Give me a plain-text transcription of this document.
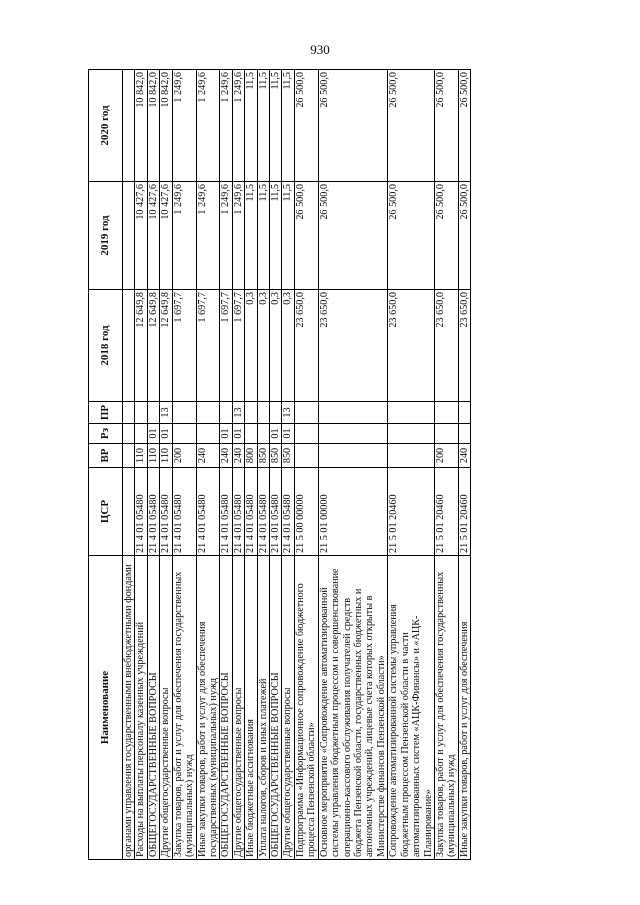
930
Наименование	ЦСР	ВР	Рз	ПР	2018 год	2019 год	2020 год
органами управления государственными внебюджетными фондами							
Расходы на выплаты персоналу казенных учреждений	21 4 01 05480	110			12 649,8	10 427,6	10 842,0
ОБЩЕГОСУДАРСТВЕННЫЕ ВОПРОСЫ	21 4 01 05480	110	01		12 649,8	10 427,6	10 842,0
Другие общегосударственные вопросы	21 4 01 05480	110	01	13	12 649,8	10 427,6	10 842,0
Закупка товаров, работ и услуг для обеспечения государственных (муниципальных) нужд	21 4 01 05480	200			1 697,7	1 249,6	1 249,6
Иные закупки товаров, работ и услуг для обеспечения государственных (муниципальных) нужд	21 4 01 05480	240			1 697,7	1 249,6	1 249,6
ОБЩЕГОСУДАРСТВЕННЫЕ ВОПРОСЫ	21 4 01 05480	240	01		1 697,7	1 249,6	1 249,6
Другие общегосударственные вопросы	21 4 01 05480	240	01	13	1 697,7	1 249,6	1 249,6
Иные бюджетные ассигнования	21 4 01 05480	800			0,3	11,5	11,5
Уплата налогов, сборов и иных платежей	21 4 01 05480	850			0,3	11,5	11,5
ОБЩЕГОСУДАРСТВЕННЫЕ ВОПРОСЫ	21 4 01 05480	850	01		0,3	11,5	11,5
Другие общегосударственные вопросы	21 4 01 05480	850	01	13	0,3	11,5	11,5
Подпрограмма «Информационное сопровождение бюджетного процесса Пензенской области»	21 5 00 00000				23 650,0	26 500,0	26 500,0
Основное мероприятие «Сопровождение автоматизированной системы управления бюджетным процессом и совершенствование операционно-кассового обслуживания получателей средств бюджета Пензенской области, государственных бюджетных и автономных учреждений, лицевые счета которых открыты в Министерстве финансов Пензенской области»	21 5 01 00000				23 650,0	26 500,0	26 500,0
Сопровождение автоматизированной системы управления бюджетным процессом Пензенской области в части автоматизированных систем «АЦК-Финансы» и «АЦК-Планирование»	21 5 01 20460				23 650,0	26 500,0	26 500,0
Закупка товаров, работ и услуг для обеспечения государственных (муниципальных) нужд	21 5 01 20460	200			23 650,0	26 500,0	26 500,0
Иные закупки товаров, работ и услуг для обеспечения	21 5 01 20460	240			23 650,0	26 500,0	26 500,0
